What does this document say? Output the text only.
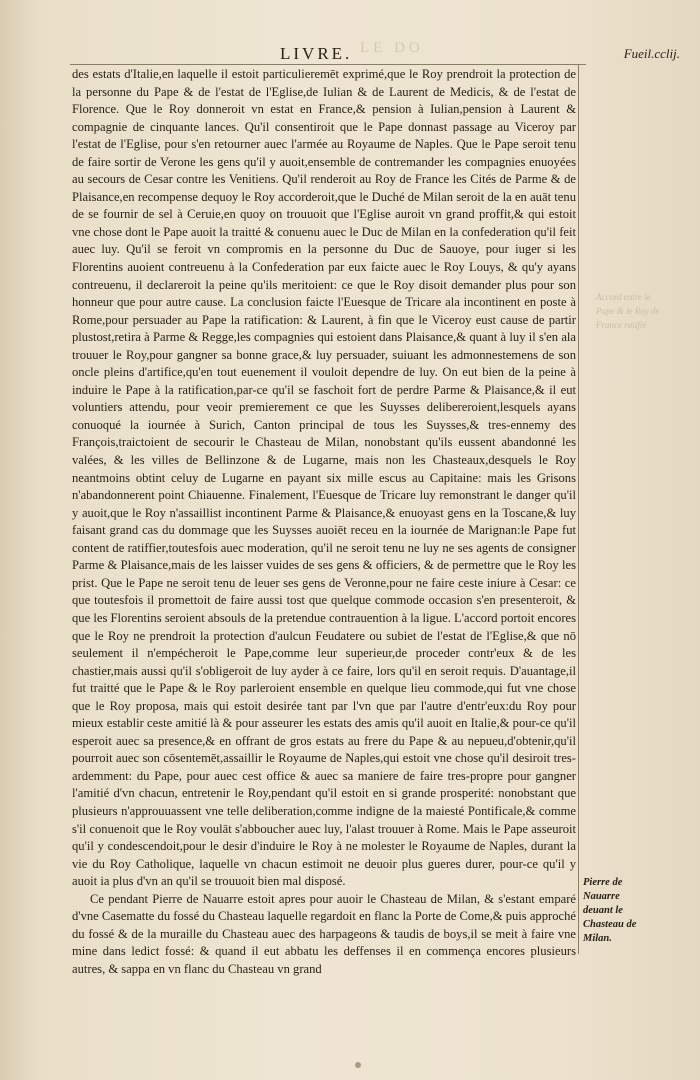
LE DO
LIVRE.	Fueil.cclij.

des estats d'Italie,en laquelle il estoit particulieremēt exprimé,que le Roy prendroit la protection de la personne du Pape & de l'estat de l'Eglise,de Iulian & de Laurent de Medicis, & de l'estat de Florence. Que le Roy donneroit vn estat en France,& pension à Iulian,pension à Laurent & compagnie de cinquante lances. Qu'il consentiroit que le Pape donnast passage au Viceroy par l'estat de l'Eglise, pour s'en retourner auec l'armée au Royaume de Naples. Que le Pape seroit tenu de faire sortir de Verone les gens qu'il y auoit,ensemble de contremander les compagnies enuoyées au secours de Cesar contre les Venitiens. Qu'il renderoit au Roy de France les Cités de Parme & de Plaisance,en recompense dequoy le Roy accorderoit,que le Duché de Milan seroit de la en auāt tenu de se fournir de sel à Ceruie,en quoy on trouuoit que l'Eglise auroit vn grand proffit,& qui estoit vne chose dont le Pape auoit la traitté & conuenu auec le Duc de Milan en la confederation qu'il feit auec luy. Qu'il se feroit vn compromis en la personne du Duc de Sauoye, pour iuger si les Florentins auoient contreuenu à la Confederation par eux faicte auec le Roy Louys, & qu'y ayans contreuenu, il declareroit la peine qu'ils meritoient: ce que le Roy disoit demander plus pour son honneur que pour autre cause. La conclusion faicte l'Euesque de Tricare ala incontinent en poste à Rome,pour persuader au Pape la ratification: & Laurent, à fin que le Viceroy eust cause de partir plustost,retira à Parme & Regge,les compagnies qui estoient dans Plaisance,& quant à luy il s'en ala trouuer le Roy,pour gangner sa bonne grace,& luy persuader, suiuant les admonnestemens de son oncle pleins d'artifice,qu'en tout euenement il vouloit dependre de luy. On eut bien de la peine à induire le Pape à la ratification,par-ce qu'il se faschoit fort de perdre Parme & Plaisance,& il eut voluntiers attendu, pour veoir premierement ce que les Suysses delibereroient,lesquels ayans conuoqué la iournée à Surich, Canton principal de tous les Suysses,& tres-ennemy des François,traictoient de secourir le Chasteau de Milan, nonobstant qu'ils eussent abandonné les valées, & les villes de Bellinzone & de Lugarne, mais non les Chasteaux,desquels le Roy neantmoins obtint celuy de Lugarne en payant six mille escus au Capitaine: mais les Grisons n'abandonnerent point Chiauenne. Finalement, l'Euesque de Tricare luy remonstrant le danger qu'il y auoit,que le Roy n'assaillist incontinent Parme & Plaisance,& enuoyast gens en la Toscane,& luy faisant grand cas du dommage que les Suysses auoiēt receu en la iournée de Marignan:le Pape fut content de ratiffier,toutesfois auec moderation, qu'il ne seroit tenu ne luy ne ses agents de consigner Parme & Plaisance,mais de les laisser vuides de ses gens & officiers, & de permettre que le Roy les prist. Que le Pape ne seroit tenu de leuer ses gens de Veronne,pour ne faire ceste iniure à Cesar: ce que toutesfois il promettoit de faire aussi tost que quelque commode occasion s'en presenteroit, & que les Florentins seroient absouls de la pretendue contrauention à la ligue. L'accord portoit encores que le Roy ne prendroit la protection d'aulcun Feudatere ou subiet de l'estat de l'Eglise,& que nō seulement il n'empécheroit le Pape,comme leur superieur,de proceder contr'eux & de les chastier,mais aussi qu'il s'obligeroit de luy ayder à ce faire, lors qu'il en seroit requis. D'auantage,il fut traitté que le Pape & le Roy parleroient ensemble en quelque lieu commode,qui fut vne chose que le Roy proposa, mais qui estoit desirée tant par l'vn que par l'autre d'entr'eux:du Roy pour mieux establir ceste amitié là & pour asseurer les estats des amis qu'il auoit en Italie,& pour-ce qu'il esperoit auec sa presence,& en offrant de gros estats au frere du Pape & au nepueu,d'obtenir,qu'il pourroit auec son cōsentemēt,assaillir le Royaume de Naples,qui estoit vne chose qu'il desiroit tres-ardemment: du Pape, pour auec cest office & auec sa maniere de faire tres-propre pour gangner l'amitié d'vn chacun, entretenir le Roy,pendant qu'il estoit en si grande prosperité: nonobstant que plusieurs n'approuuassent vne telle deliberation,comme indigne de la maiesté Pontificale,& comme s'il conuenoit que le Roy voulāt s'abboucher auec luy, l'alast trouuer à Rome. Mais le Pape asseuroit qu'il y condescendoit,pour le desir d'induire le Roy à ne molester le Royaume de Naples, durant la vie du Roy Catholique, laquelle vn chacun estimoit ne deuoir plus gueres durer, pour-ce qu'il y auoit ia plus d'vn an qu'il se trouuoit bien mal disposé.

Ce pendant Pierre de Nauarre estoit apres pour auoir le Chasteau de Milan, & s'estant emparé d'vne Casematte du fossé du Chasteau laquelle regardoit en flanc la Porte de Come,& puis approché du fossé & de la muraille du Chasteau auec des harpageons & taudis de boys,il se meit à faire vne mine dans ledict fossé: & quand il eut abbatu les deffenses il en commença encores plusieurs autres, & sappa en vn flanc du Chasteau vn grand

Accord entre le Pape & le Roy de France ratifié
Pierre de Nauarre deuant le Chasteau de Milan.
